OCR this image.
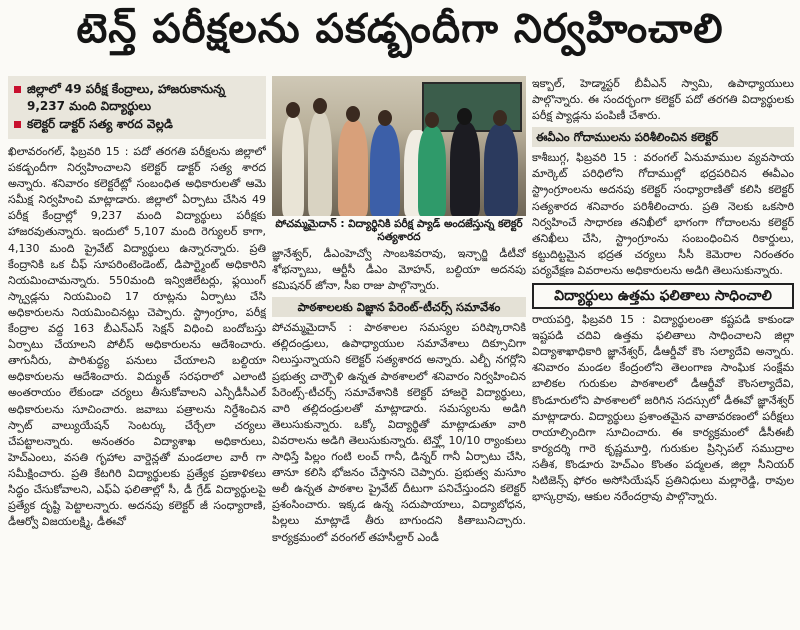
టెన్త్ పరీక్షలను పకడ్బందీగా నిర్వహించాలి
జిల్లాలో 49 పరీక్ష కేంద్రాలు, హాజరుకానున్న 9,237 మంది విద్యార్థులు
కలెక్టర్ డాక్టర్ సత్య శారద వెల్లడి

ఖిలావరంగల్, ఫిబ్రవరి 15 : పదో తరగతి పరీక్షలను జిల్లాలో పకడ్బందీగా నిర్వహించాలని కలెక్టర్ డాక్టర్ సత్య శారద అన్నారు. శనివారం కలెక్టరేట్లో సంబంధిత అధికారులతో ఆమె సమీక్ష నిర్వహించి మాట్లాడారు. జిల్లాలో ఏర్పాటు చేసిన 49 పరీక్ష కేంద్రాల్లో 9,237 మంది విద్యార్థులు పరీక్షకు హాజరవుతున్నారు. ఇందులో 5,107 మంది రెగ్యులర్ కాగా, 4,130 మంది ప్రైవేట్ విద్యార్థులు ఉన్నారన్నారు. ప్రతి కేంద్రానికి ఒక చీఫ్ సూపరింటెండెంట్, డిపార్ట్మెంట్ అధికారిని నియమించామన్నారు. 550మంది ఇన్విజిలేటర్లు, ఫ్లయింగ్ స్క్వాడ్లను నియమించి 17 రూట్లను ఏర్పాటు చేసి అధికారులను నియమించినట్లు చెప్పారు. స్ట్రాంగ్రూం, పరీక్ష కేంద్రాల వద్ద 163 బీఎన్ఎస్ సెక్షన్ విధించి బందోబస్తు ఏర్పాటు చేయాలని పోలీస్ అధికారులను ఆదేశించారు. తాగునీరు, పారిశుద్ధ్య పనులు చేయాలని బల్దియా అధికారులను ఆదేశించారు. విద్యుత్ సరఫరాలో ఎలాంటి అంతరాయం లేకుండా చర్యలు తీసుకోవాలని ఎన్పీడీసీఎల్ అధికారులను సూచించారు. జవాబు పత్రాలను నిర్దేశించిన స్పాట్ వాల్యుయేషన్ సెంటర్కు చేర్చేలా చర్యలు చేపట్టాలన్నారు. అనంతరం విద్యాశాఖ అధికారులు, హెచ్ఎంలు, వసతి గృహాల వార్డెన్లతో మండలాల వారీ గా సమీక్షించారు. ప్రతి కేటగిరి విద్యార్థులకు ప్రత్యేక ప్రణాళికలు సిద్ధం చేసుకోవాలని, ఎఫ్ఏ ఫలితాల్లో సీ, డీ గ్రేడ్ విద్యార్థులపై ప్రత్యేక దృష్టి పెట్టాలన్నారు. అదనపు కలెక్టర్ జీ సంధ్యారాణి, డీఆర్వో విజయలక్ష్మి, డీఈవో

పోచమ్మమైదాన్ : విద్యార్థినికి పరీక్ష ప్యాడ్ అందజేస్తున్న కలెక్టర్ సత్యశారద

జ్ఞానేశ్వర్, డీఎంహెచ్వో సాంబశివరావు, ఇన్చార్జి డీటీవో శోభన్బాబు, ఆర్టీసీ డీఎం మోహన్, బల్దియా అదనపు కమిషనర్ జోనా, సీఐ రాజు పాల్గొన్నారు.

పాఠశాలలకు విజ్ఞాన పేరెంట్-టీచర్స్ సమావేశం

పోచమ్మమైదాన్ : పాఠశాలల సమస్యల పరిష్కారానికి తల్లిదండ్రులు, ఉపాధ్యాయుల సమావేశాలు దిక్సూచిగా నిలుస్తున్నాయని కలెక్టర్ సత్యశారద అన్నారు. ఎల్బీ నగర్లోని ప్రభుత్వ చార్బౌళి ఉన్నత పాఠశాలలో శనివారం నిర్వహించిన పేరెంట్స్-టీచర్స్ సమావేశానికి కలెక్టర్ హాజరై విద్యార్థులు, వారి తల్లిదండ్రులతో మాట్లాడారు. సమస్యలను అడిగి తెలుసుకున్నారు. ఒక్కో విద్యార్థితో మాట్లాడుతూ వారి వివరాలను అడిగి తెలుసుకున్నారు. టెన్త్లో 10/10 ర్యాంకులు సాధిస్తే పిల్లం గంటి లంచ్ గానీ, డిన్నర్ గానీ ఏర్పాటు చేసి, తానూ కలిసి భోజనం చేస్తానని చెప్పారు. ప్రభుత్వ మసూం అలీ ఉన్నత పాఠశాల ప్రైవేట్ దీటుగా పనిచేస్తుందని కలెక్టర్ ప్రశంసించారు. ఇక్కడ ఉన్న సదుపాయాలు, విద్యాబోధన, పిల్లలు మాట్లాడే తీరు బాగుందని కితాబునిచ్చారు. కార్యక్రమంలో వరంగల్ తహసీల్దార్ ఎండీ

ఇక్బాల్, హెడ్మాస్టర్ బీవీఎన్ స్వామి, ఉపాధ్యాయులు పాల్గొన్నారు. ఈ సందర్భంగా కలెక్టర్ పదో తరగతి విద్యార్థులకు పరీక్ష ప్యాడ్లను పంపిణీ చేశారు.

ఈవీఎం గోదాములను పరిశీలించిన కలెక్టర్

కాశీబుగ్గ, ఫిబ్రవరి 15 : వరంగల్ ఏనుమాముల వ్యవసాయ మార్కెట్ పరిధిలోని గోదాముల్లో భద్రపరిచిన ఈవీఎం స్ట్రాంగ్రూంలను అదనపు కలెక్టర్ సంధ్యారాణితో కలిసి కలెక్టర్ సత్యశారద శనివారం పరిశీలించారు. ప్రతి నెలకు ఒకసారి నిర్వహించే సాధారణ తనిఖీలో భాగంగా గోదాంలను కలెక్టర్ తనిఖీలు చేసి, స్ట్రాంగ్రూంను సంబంధించిన రికార్డులు, కట్టుదిట్టమైన భద్రత చర్యలు సీసీ కెమెరాల నిరంతరం పర్యవేక్షణ వివరాలను అధికారులను అడిగి తెలుసుకున్నారు.

విద్యార్థులు ఉత్తమ ఫలితాలు సాధించాలి

రాయపర్తి, ఫిబ్రవరి 15 : విద్యార్థులంతా కష్టపడి కాకుండా ఇష్టపడి చదివి ఉత్తమ ఫలితాలు సాధించాలని జిల్లా విద్యాశాఖాధికారి జ్ఞానేశ్వర్, డీఆర్డీవో కౌం సల్యాదేవి అన్నారు. శనివారం మండల కేంద్రంలోని తెలంగాణ సాంఘిక సంక్షేమ బాలికల గురుకుల పాఠశాలలో డీఆర్డీవో కౌంసల్యాదేవి, కొండూరులోని పాఠశాలలో జరిగిన సదస్సులో డీఈవో జ్ఞానేశ్వర్ మాట్లాడారు. విద్యార్థులు ప్రశాంతమైన వాతావరణంలో పరీక్షలు రాయాల్సిందిగా సూచించారు. ఈ కార్యక్రమంలో డీసీఈబీ కార్యదర్శి గారె కృష్ణమూర్తి, గురుకుల ప్రిన్సిపల్ సముద్రాల సతీశ, కొండూరు హెచ్ఎం కొంతం పద్మలత, జిల్లా సీనియర్ సిటిజెన్స్ ఫోరం అసోసియేషన్ ప్రతినిధులు మల్లారెడ్డి, రావుల భాస్కర్రావు, ఆకుల నరేందర్రావు పాల్గొన్నారు.
